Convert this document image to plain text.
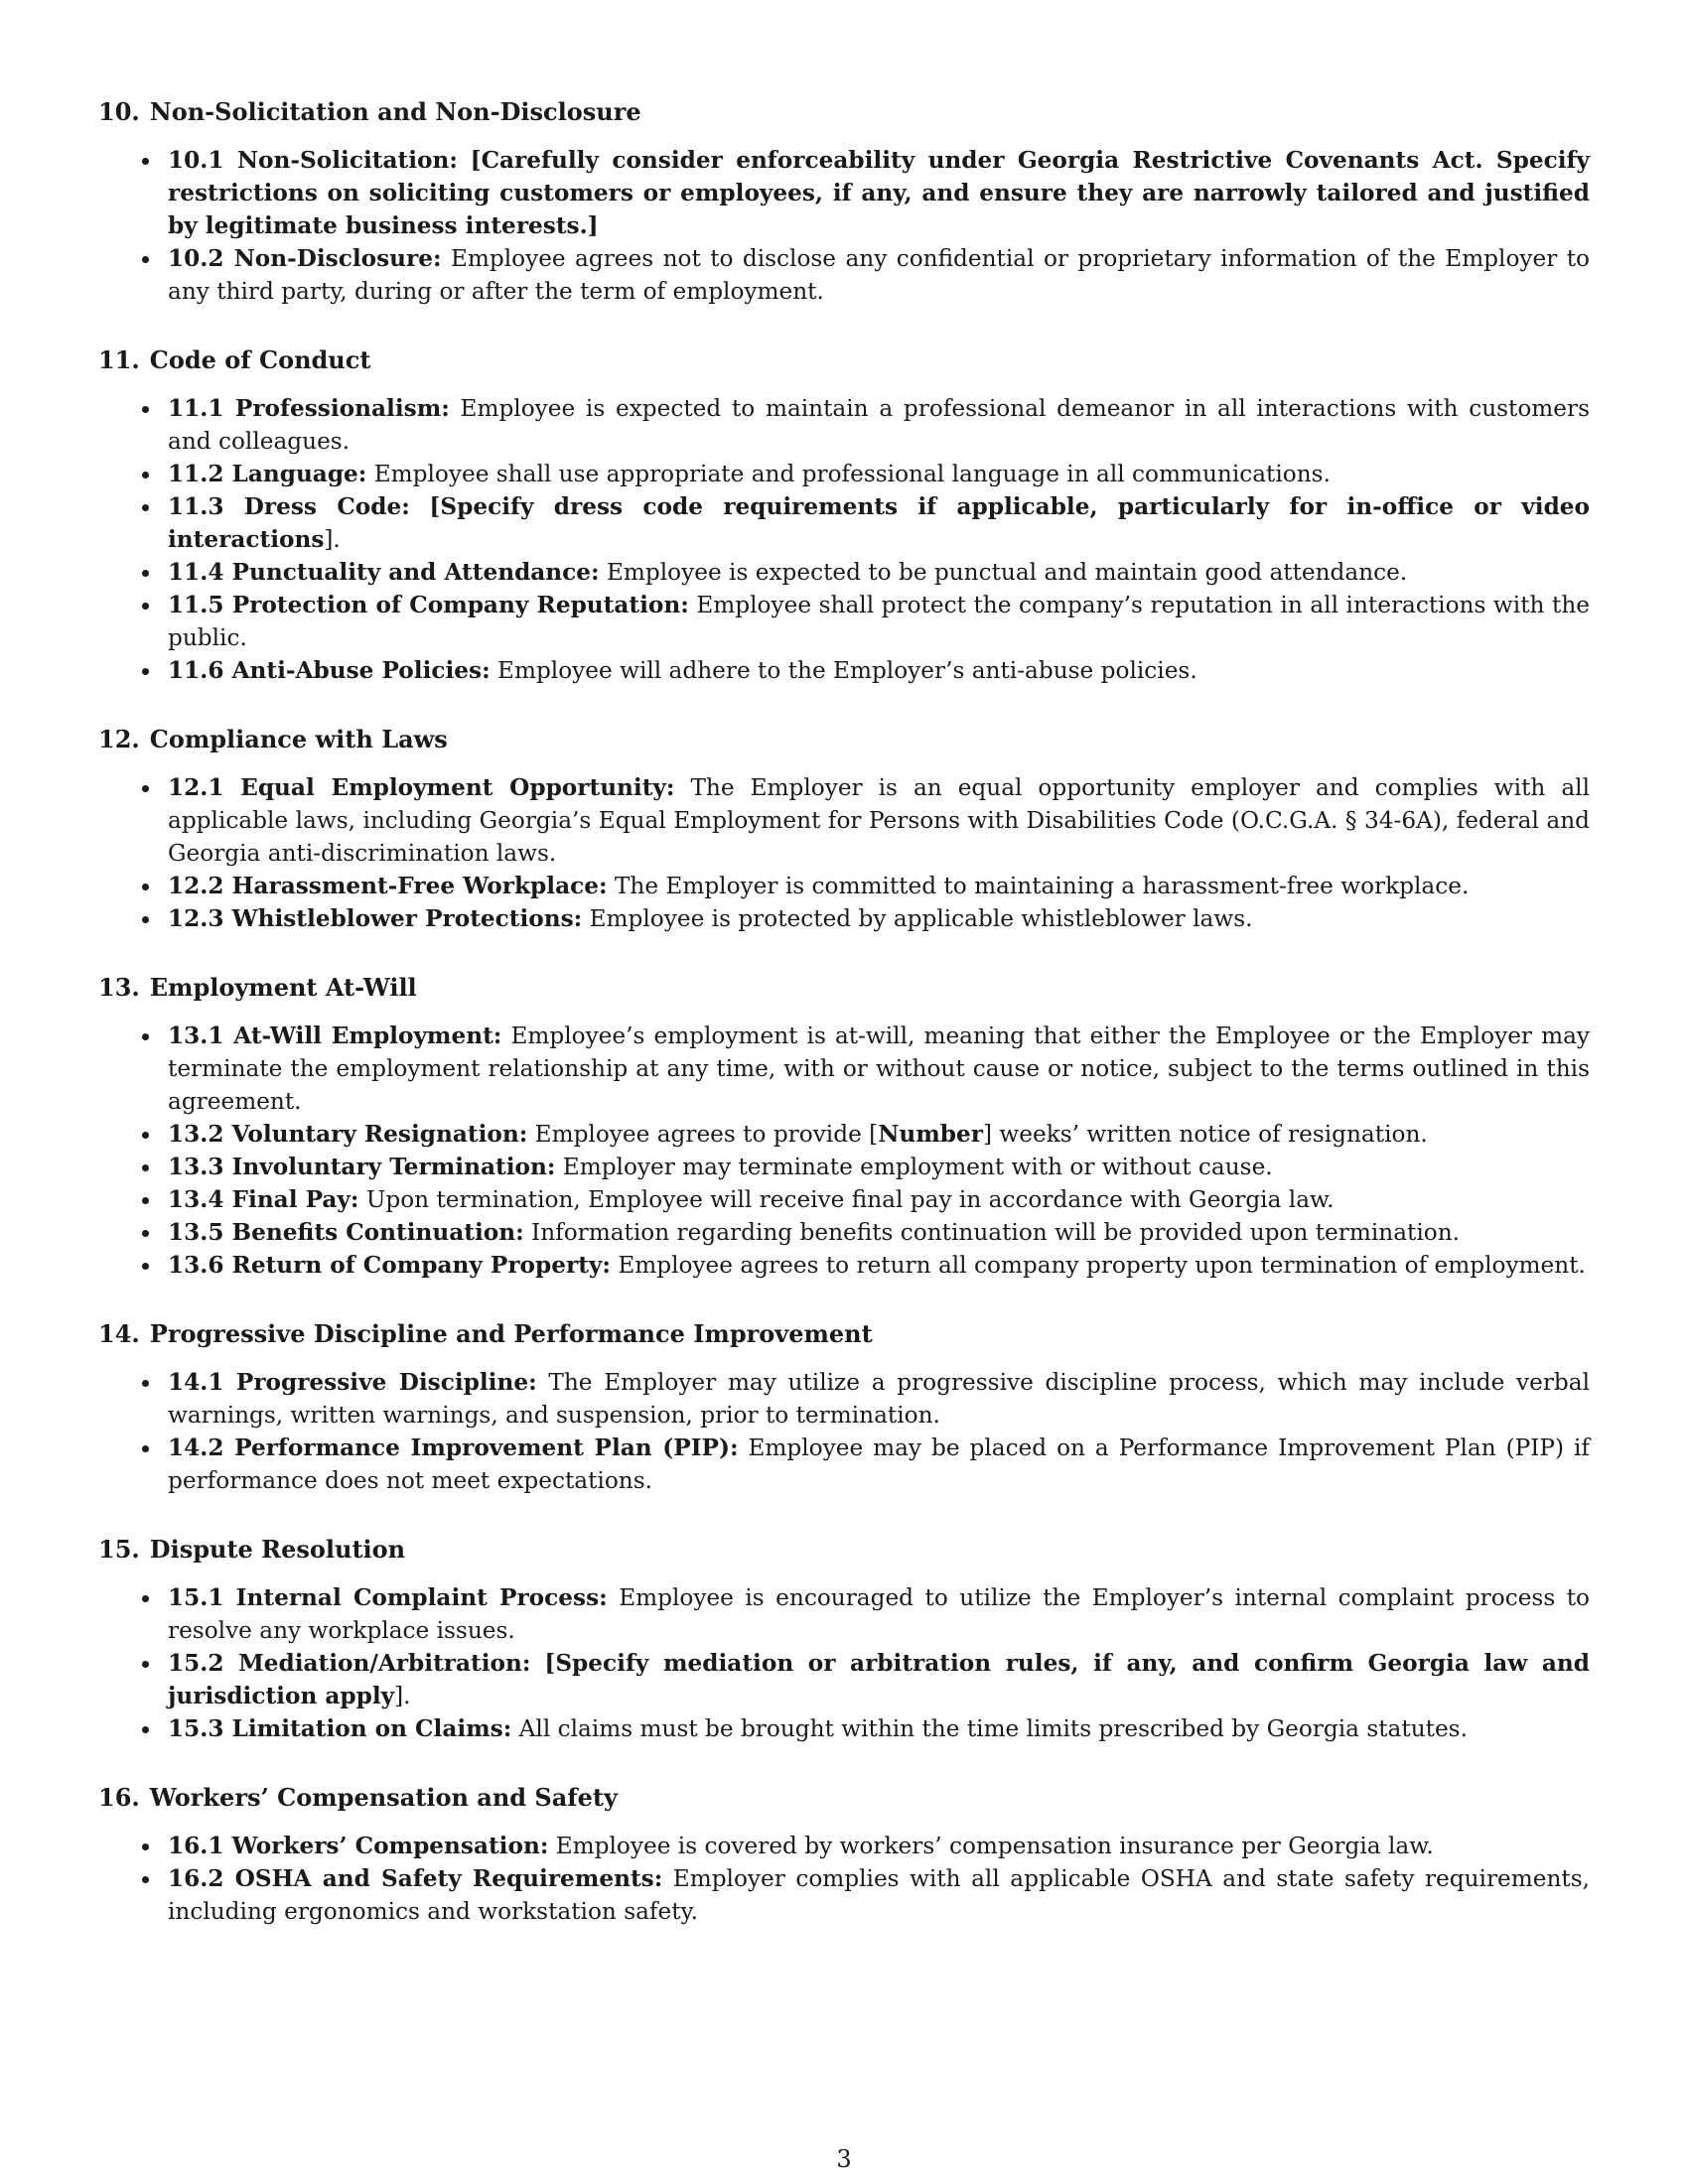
10. Non-Solicitation and Non-Disclosure
10.1 Non-Solicitation: [Carefully consider enforceability under Georgia Restrictive Covenants Act. Specify restrictions on soliciting customers or employees, if any, and ensure they are narrowly tailored and justified by legitimate business interests.]
10.2 Non-Disclosure: Employee agrees not to disclose any confidential or proprietary information of the Employer to any third party, during or after the term of employment.
11. Code of Conduct
11.1 Professionalism: Employee is expected to maintain a professional demeanor in all interactions with customers and colleagues.
11.2 Language: Employee shall use appropriate and professional language in all communications.
11.3 Dress Code: [Specify dress code requirements if applicable, particularly for in-office or video interactions].
11.4 Punctuality and Attendance: Employee is expected to be punctual and maintain good attendance.
11.5 Protection of Company Reputation: Employee shall protect the company’s reputation in all interactions with the public.
11.6 Anti-Abuse Policies: Employee will adhere to the Employer’s anti-abuse policies.
12. Compliance with Laws
12.1 Equal Employment Opportunity: The Employer is an equal opportunity employer and complies with all applicable laws, including Georgia’s Equal Employment for Persons with Disabilities Code (O.C.G.A. § 34-6A), federal and Georgia anti-discrimination laws.
12.2 Harassment-Free Workplace: The Employer is committed to maintaining a harassment-free workplace.
12.3 Whistleblower Protections: Employee is protected by applicable whistleblower laws.
13. Employment At-Will
13.1 At-Will Employment: Employee’s employment is at-will, meaning that either the Employee or the Employer may terminate the employment relationship at any time, with or without cause or notice, subject to the terms outlined in this agreement.
13.2 Voluntary Resignation: Employee agrees to provide [Number] weeks’ written notice of resignation.
13.3 Involuntary Termination: Employer may terminate employment with or without cause.
13.4 Final Pay: Upon termination, Employee will receive final pay in accordance with Georgia law.
13.5 Benefits Continuation: Information regarding benefits continuation will be provided upon termination.
13.6 Return of Company Property: Employee agrees to return all company property upon termination of employment.
14. Progressive Discipline and Performance Improvement
14.1 Progressive Discipline: The Employer may utilize a progressive discipline process, which may include verbal warnings, written warnings, and suspension, prior to termination.
14.2 Performance Improvement Plan (PIP): Employee may be placed on a Performance Improvement Plan (PIP) if performance does not meet expectations.
15. Dispute Resolution
15.1 Internal Complaint Process: Employee is encouraged to utilize the Employer’s internal complaint process to resolve any workplace issues.
15.2 Mediation/Arbitration: [Specify mediation or arbitration rules, if any, and confirm Georgia law and jurisdiction apply].
15.3 Limitation on Claims: All claims must be brought within the time limits prescribed by Georgia statutes.
16. Workers’ Compensation and Safety
16.1 Workers’ Compensation: Employee is covered by workers’ compensation insurance per Georgia law.
16.2 OSHA and Safety Requirements: Employer complies with all applicable OSHA and state safety requirements, including ergonomics and workstation safety.
3
